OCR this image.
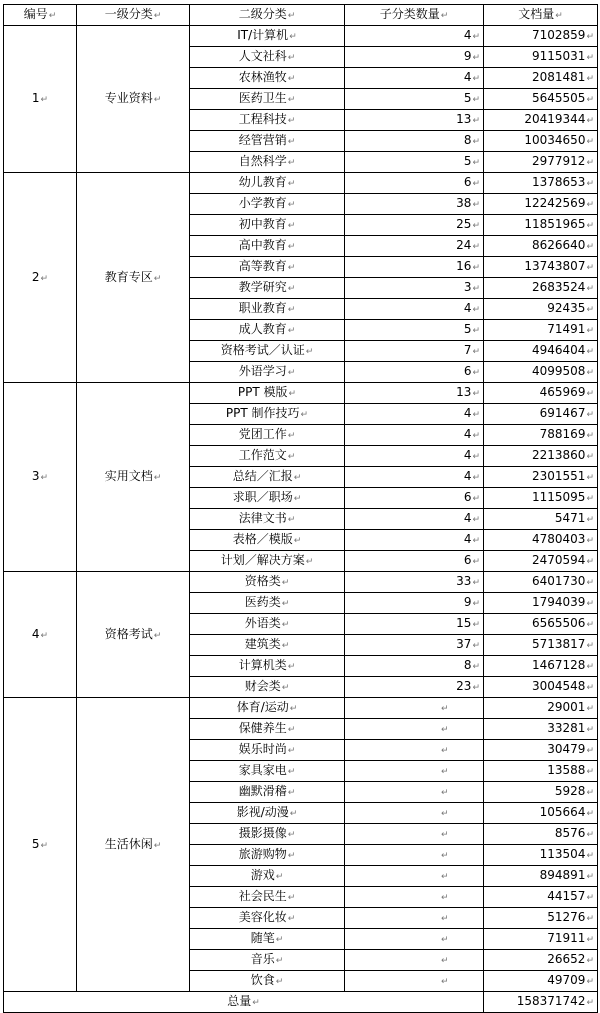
编号↵	一级分类↵	二级分类↵	子分类数量↵	文档量↵
1↵	专业资料↵	IT/计算机↵	4↵	7102859↵
		人文社科↵	9↵	9115031↵
		农林渔牧↵	4↵	2081481↵
		医药卫生↵	5↵	5645505↵
		工程科技↵	13↵	20419344↵
		经管营销↵	8↵	10034650↵
		自然科学↵	5↵	2977912↵
2↵	教育专区↵	幼儿教育↵	6↵	1378653↵
		小学教育↵	38↵	12242569↵
		初中教育↵	25↵	11851965↵
		高中教育↵	24↵	8626640↵
		高等教育↵	16↵	13743807↵
		教学研究↵	3↵	2683524↵
		职业教育↵	4↵	92435↵
		成人教育↵	5↵	71491↵
		资格考试／认证↵	7↵	4946404↵
		外语学习↵	6↵	4099508↵
3↵	实用文档↵	PPT 模版↵	13↵	465969↵
		PPT 制作技巧↵	4↵	691467↵
		党团工作↵	4↵	788169↵
		工作范文↵	4↵	2213860↵
		总结／汇报↵	4↵	2301551↵
		求职／职场↵	6↵	1115095↵
		法律文书↵	4↵	5471↵
		表格／模版↵	4↵	4780403↵
		计划／解决方案↵	6↵	2470594↵
4↵	资格考试↵	资格类↵	33↵	6401730↵
		医药类↵	9↵	1794039↵
		外语类↵	15↵	6565506↵
		建筑类↵	37↵	5713817↵
		计算机类↵	8↵	1467128↵
		财会类↵	23↵	3004548↵
5↵	生活休闲↵	体育/运动↵	↵	29001↵
		保健养生↵	↵	33281↵
		娱乐时尚↵	↵	30479↵
		家具家电↵	↵	13588↵
		幽默滑稽↵	↵	5928↵
		影视/动漫↵	↵	105664↵
		摄影摄像↵	↵	8576↵
		旅游购物↵	↵	113504↵
		游戏↵	↵	894891↵
		社会民生↵	↵	44157↵
		美容化妆↵	↵	51276↵
		随笔↵	↵	71911↵
		音乐↵	↵	26652↵
		饮食↵	↵	49709↵
总量↵				158371742↵
